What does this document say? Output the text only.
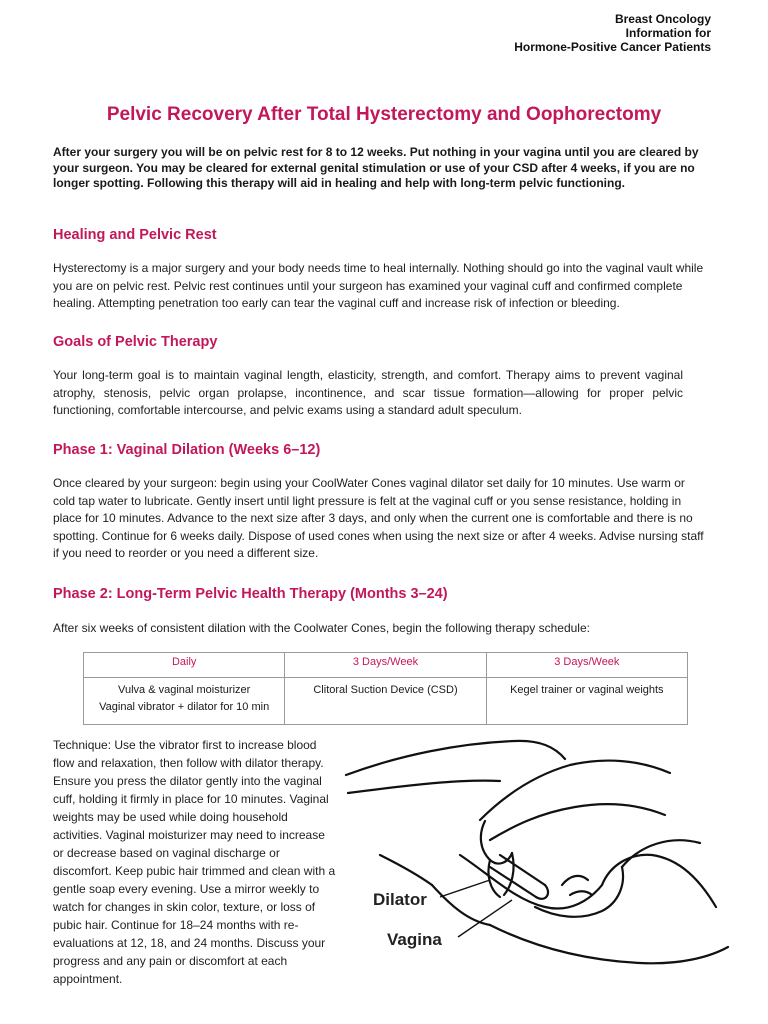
Breast Oncology
Information for
Hormone-Positive Cancer Patients
Pelvic Recovery After Total Hysterectomy and Oophorectomy

After your surgery you will be on pelvic rest for 8 to 12 weeks. Put nothing in your vagina until you are cleared by your surgeon. You may be cleared for external genital stimulation or use of your CSD after 4 weeks, if you are no longer spotting. Following this therapy will aid in healing and help with long-term pelvic functioning.

Healing and Pelvic Rest

Hysterectomy is a major surgery and your body needs time to heal internally. Nothing should go into the vaginal vault while you are on pelvic rest. Pelvic rest continues until your surgeon has examined your vaginal cuff and confirmed complete healing. Attempting penetration too early can tear the vaginal cuff and increase risk of infection or bleeding.

Goals of Pelvic Therapy

Your long-term goal is to maintain vaginal length, elasticity, strength, and comfort. Therapy aims to prevent vaginal atrophy, stenosis, pelvic organ prolapse, incontinence, and scar tissue formation—allowing for proper pelvic functioning, comfortable intercourse, and pelvic exams using a standard adult speculum.

Phase 1: Vaginal Dilation (Weeks 6–12)

Once cleared by your surgeon: begin using your CoolWater Cones vaginal dilator set daily for 10 minutes. Use warm or cold tap water to lubricate. Gently insert until light pressure is felt at the vaginal cuff or you sense resistance, holding in place for 10 minutes. Advance to the next size after 3 days, and only when the current one is comfortable and there is no spotting. Continue for 6 weeks daily. Dispose of used cones when using the next size or after 4 weeks. Advise nursing staff if you need to reorder or you need a different size.

Phase 2: Long-Term Pelvic Health Therapy (Months 3–24)

After six weeks of consistent dilation with the Coolwater Cones, begin the following therapy schedule:

Daily	3 Days/Week	3 Days/Week

Vulva & vaginal moisturizer
Vaginal vibrator + dilator for 10 min	Clitoral Suction Device (CSD)	Kegel trainer or vaginal weights

Technique: Use the vibrator first to increase blood flow and relaxation, then follow with dilator therapy. Ensure you press the dilator gently into the vaginal cuff, holding it firmly in place for 10 minutes. Vaginal weights may be used while doing household activities. Vaginal moisturizer may need to increase or decrease based on vaginal discharge or discomfort. Keep pubic hair trimmed and clean with a gentle soap every evening. Use a mirror weekly to watch for changes in skin color, texture, or loss of pubic hair. Continue for 18–24 months with re-evaluations at 12, 18, and 24 months. Discuss your progress and any pain or discomfort at each appointment.

Dilator
Vagina
